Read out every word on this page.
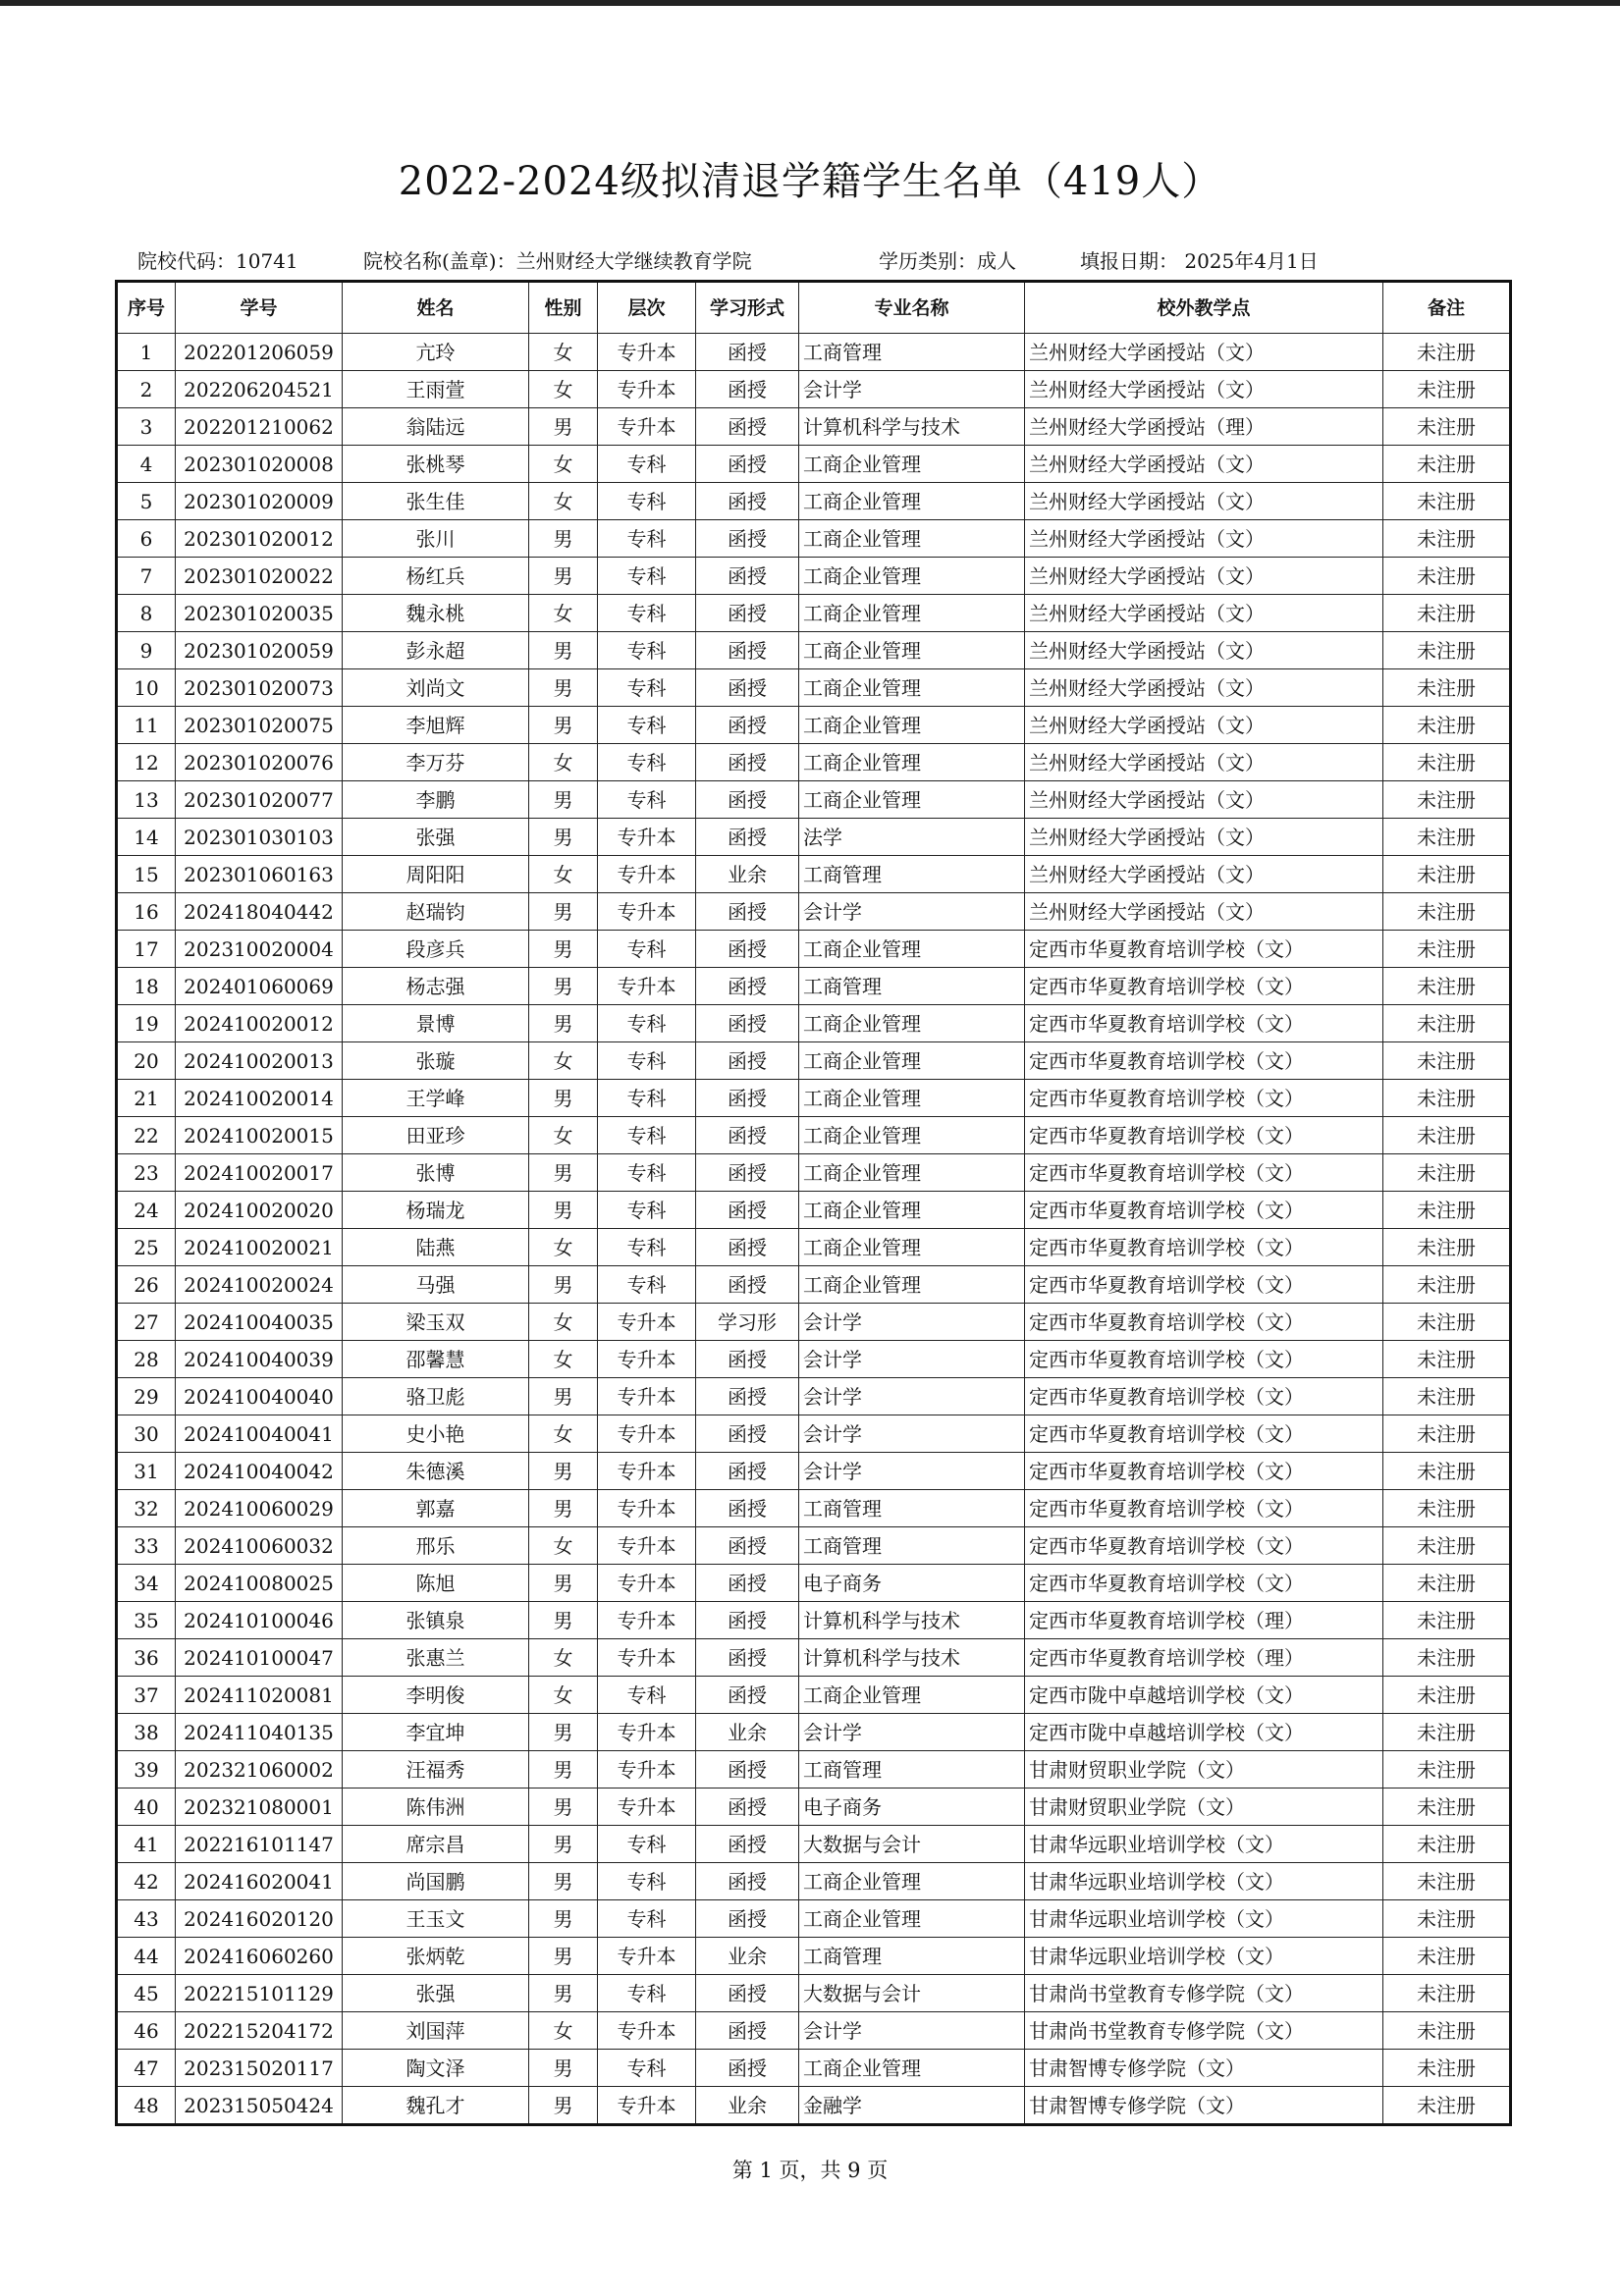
2022-2024级拟清退学籍学生名单（419人）
院校代码：10741	院校名称(盖章)：兰州财经大学继续教育学院	学历类别：成人	填报日期： 2025年4月1日
序号	学号	姓名	性别	层次	学习形式	专业名称	校外教学点	备注
1	202201206059	亢玲	女	专升本	函授	工商管理	兰州财经大学函授站（文）	未注册
2	202206204521	王雨萱	女	专升本	函授	会计学	兰州财经大学函授站（文）	未注册
3	202201210062	翁陆远	男	专升本	函授	计算机科学与技术	兰州财经大学函授站（理）	未注册
4	202301020008	张桃琴	女	专科	函授	工商企业管理	兰州财经大学函授站（文）	未注册
5	202301020009	张生佳	女	专科	函授	工商企业管理	兰州财经大学函授站（文）	未注册
6	202301020012	张川	男	专科	函授	工商企业管理	兰州财经大学函授站（文）	未注册
7	202301020022	杨红兵	男	专科	函授	工商企业管理	兰州财经大学函授站（文）	未注册
8	202301020035	魏永桃	女	专科	函授	工商企业管理	兰州财经大学函授站（文）	未注册
9	202301020059	彭永超	男	专科	函授	工商企业管理	兰州财经大学函授站（文）	未注册
10	202301020073	刘尚文	男	专科	函授	工商企业管理	兰州财经大学函授站（文）	未注册
11	202301020075	李旭辉	男	专科	函授	工商企业管理	兰州财经大学函授站（文）	未注册
12	202301020076	李万芬	女	专科	函授	工商企业管理	兰州财经大学函授站（文）	未注册
13	202301020077	李鹏	男	专科	函授	工商企业管理	兰州财经大学函授站（文）	未注册
14	202301030103	张强	男	专升本	函授	法学	兰州财经大学函授站（文）	未注册
15	202301060163	周阳阳	女	专升本	业余	工商管理	兰州财经大学函授站（文）	未注册
16	202418040442	赵瑞钧	男	专升本	函授	会计学	兰州财经大学函授站（文）	未注册
17	202310020004	段彦兵	男	专科	函授	工商企业管理	定西市华夏教育培训学校（文）	未注册
18	202401060069	杨志强	男	专升本	函授	工商管理	定西市华夏教育培训学校（文）	未注册
19	202410020012	景博	男	专科	函授	工商企业管理	定西市华夏教育培训学校（文）	未注册
20	202410020013	张璇	女	专科	函授	工商企业管理	定西市华夏教育培训学校（文）	未注册
21	202410020014	王学峰	男	专科	函授	工商企业管理	定西市华夏教育培训学校（文）	未注册
22	202410020015	田亚珍	女	专科	函授	工商企业管理	定西市华夏教育培训学校（文）	未注册
23	202410020017	张博	男	专科	函授	工商企业管理	定西市华夏教育培训学校（文）	未注册
24	202410020020	杨瑞龙	男	专科	函授	工商企业管理	定西市华夏教育培训学校（文）	未注册
25	202410020021	陆燕	女	专科	函授	工商企业管理	定西市华夏教育培训学校（文）	未注册
26	202410020024	马强	男	专科	函授	工商企业管理	定西市华夏教育培训学校（文）	未注册
27	202410040035	梁玉双	女	专升本	学习形	会计学	定西市华夏教育培训学校（文）	未注册
28	202410040039	邵馨慧	女	专升本	函授	会计学	定西市华夏教育培训学校（文）	未注册
29	202410040040	骆卫彪	男	专升本	函授	会计学	定西市华夏教育培训学校（文）	未注册
30	202410040041	史小艳	女	专升本	函授	会计学	定西市华夏教育培训学校（文）	未注册
31	202410040042	朱德溪	男	专升本	函授	会计学	定西市华夏教育培训学校（文）	未注册
32	202410060029	郭嘉	男	专升本	函授	工商管理	定西市华夏教育培训学校（文）	未注册
33	202410060032	邢乐	女	专升本	函授	工商管理	定西市华夏教育培训学校（文）	未注册
34	202410080025	陈旭	男	专升本	函授	电子商务	定西市华夏教育培训学校（文）	未注册
35	202410100046	张镇泉	男	专升本	函授	计算机科学与技术	定西市华夏教育培训学校（理）	未注册
36	202410100047	张惠兰	女	专升本	函授	计算机科学与技术	定西市华夏教育培训学校（理）	未注册
37	202411020081	李明俊	女	专科	函授	工商企业管理	定西市陇中卓越培训学校（文）	未注册
38	202411040135	李宜坤	男	专升本	业余	会计学	定西市陇中卓越培训学校（文）	未注册
39	202321060002	汪福秀	男	专升本	函授	工商管理	甘肃财贸职业学院（文）	未注册
40	202321080001	陈伟洲	男	专升本	函授	电子商务	甘肃财贸职业学院（文）	未注册
41	202216101147	席宗昌	男	专科	函授	大数据与会计	甘肃华远职业培训学校（文）	未注册
42	202416020041	尚国鹏	男	专科	函授	工商企业管理	甘肃华远职业培训学校（文）	未注册
43	202416020120	王玉文	男	专科	函授	工商企业管理	甘肃华远职业培训学校（文）	未注册
44	202416060260	张炳乾	男	专升本	业余	工商管理	甘肃华远职业培训学校（文）	未注册
45	202215101129	张强	男	专科	函授	大数据与会计	甘肃尚书堂教育专修学院（文）	未注册
46	202215204172	刘国萍	女	专升本	函授	会计学	甘肃尚书堂教育专修学院（文）	未注册
47	202315020117	陶文泽	男	专科	函授	工商企业管理	甘肃智博专修学院（文）	未注册
48	202315050424	魏孔才	男	专升本	业余	金融学	甘肃智博专修学院（文）	未注册
第 1 页，共 9 页
